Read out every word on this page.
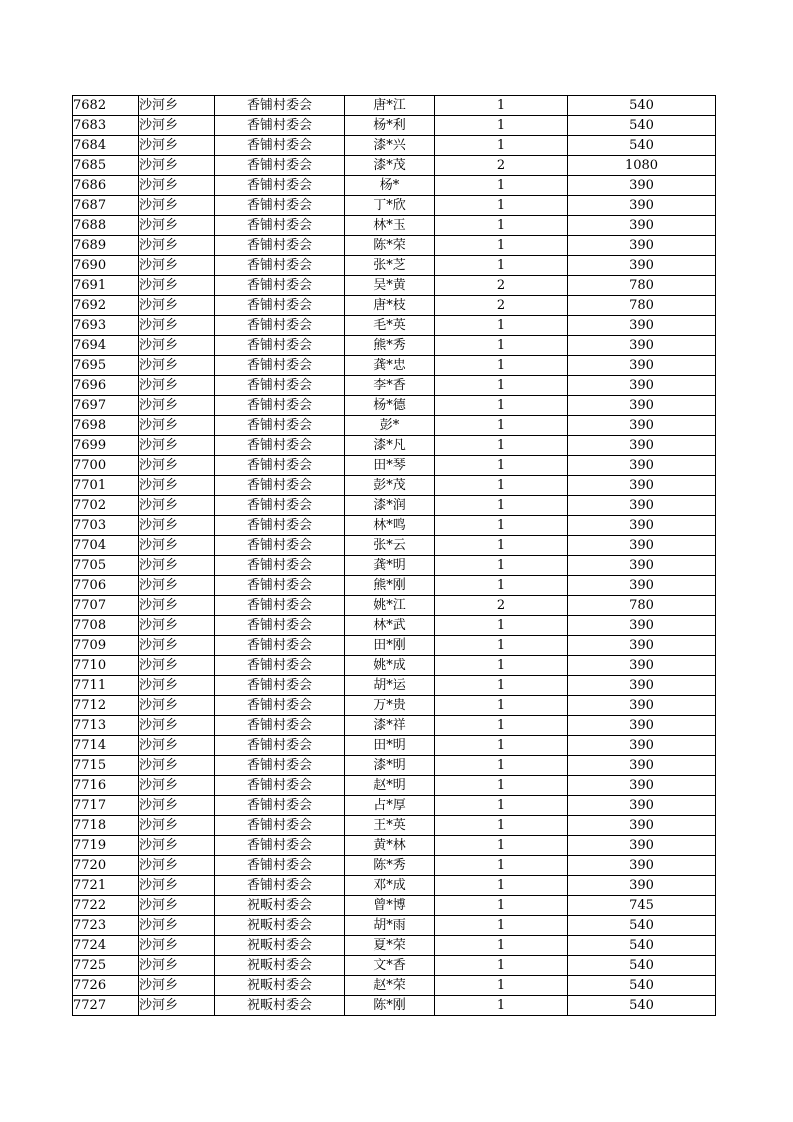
7682	沙河乡	香铺村委会	唐*江	1	540
7683	沙河乡	香铺村委会	杨*利	1	540
7684	沙河乡	香铺村委会	漆*兴	1	540
7685	沙河乡	香铺村委会	漆*茂	2	1080
7686	沙河乡	香铺村委会	杨*	1	390
7687	沙河乡	香铺村委会	丁*欣	1	390
7688	沙河乡	香铺村委会	林*玉	1	390
7689	沙河乡	香铺村委会	陈*荣	1	390
7690	沙河乡	香铺村委会	张*芝	1	390
7691	沙河乡	香铺村委会	吴*黄	2	780
7692	沙河乡	香铺村委会	唐*枝	2	780
7693	沙河乡	香铺村委会	毛*英	1	390
7694	沙河乡	香铺村委会	熊*秀	1	390
7695	沙河乡	香铺村委会	龚*忠	1	390
7696	沙河乡	香铺村委会	李*香	1	390
7697	沙河乡	香铺村委会	杨*德	1	390
7698	沙河乡	香铺村委会	彭*	1	390
7699	沙河乡	香铺村委会	漆*凡	1	390
7700	沙河乡	香铺村委会	田*琴	1	390
7701	沙河乡	香铺村委会	彭*茂	1	390
7702	沙河乡	香铺村委会	漆*润	1	390
7703	沙河乡	香铺村委会	林*鸣	1	390
7704	沙河乡	香铺村委会	张*云	1	390
7705	沙河乡	香铺村委会	龚*明	1	390
7706	沙河乡	香铺村委会	熊*刚	1	390
7707	沙河乡	香铺村委会	姚*江	2	780
7708	沙河乡	香铺村委会	林*武	1	390
7709	沙河乡	香铺村委会	田*刚	1	390
7710	沙河乡	香铺村委会	姚*成	1	390
7711	沙河乡	香铺村委会	胡*运	1	390
7712	沙河乡	香铺村委会	万*贵	1	390
7713	沙河乡	香铺村委会	漆*祥	1	390
7714	沙河乡	香铺村委会	田*明	1	390
7715	沙河乡	香铺村委会	漆*明	1	390
7716	沙河乡	香铺村委会	赵*明	1	390
7717	沙河乡	香铺村委会	占*厚	1	390
7718	沙河乡	香铺村委会	王*英	1	390
7719	沙河乡	香铺村委会	黄*林	1	390
7720	沙河乡	香铺村委会	陈*秀	1	390
7721	沙河乡	香铺村委会	邓*成	1	390
7722	沙河乡	祝畈村委会	曾*博	1	745
7723	沙河乡	祝畈村委会	胡*雨	1	540
7724	沙河乡	祝畈村委会	夏*荣	1	540
7725	沙河乡	祝畈村委会	文*香	1	540
7726	沙河乡	祝畈村委会	赵*荣	1	540
7727	沙河乡	祝畈村委会	陈*刚	1	540
